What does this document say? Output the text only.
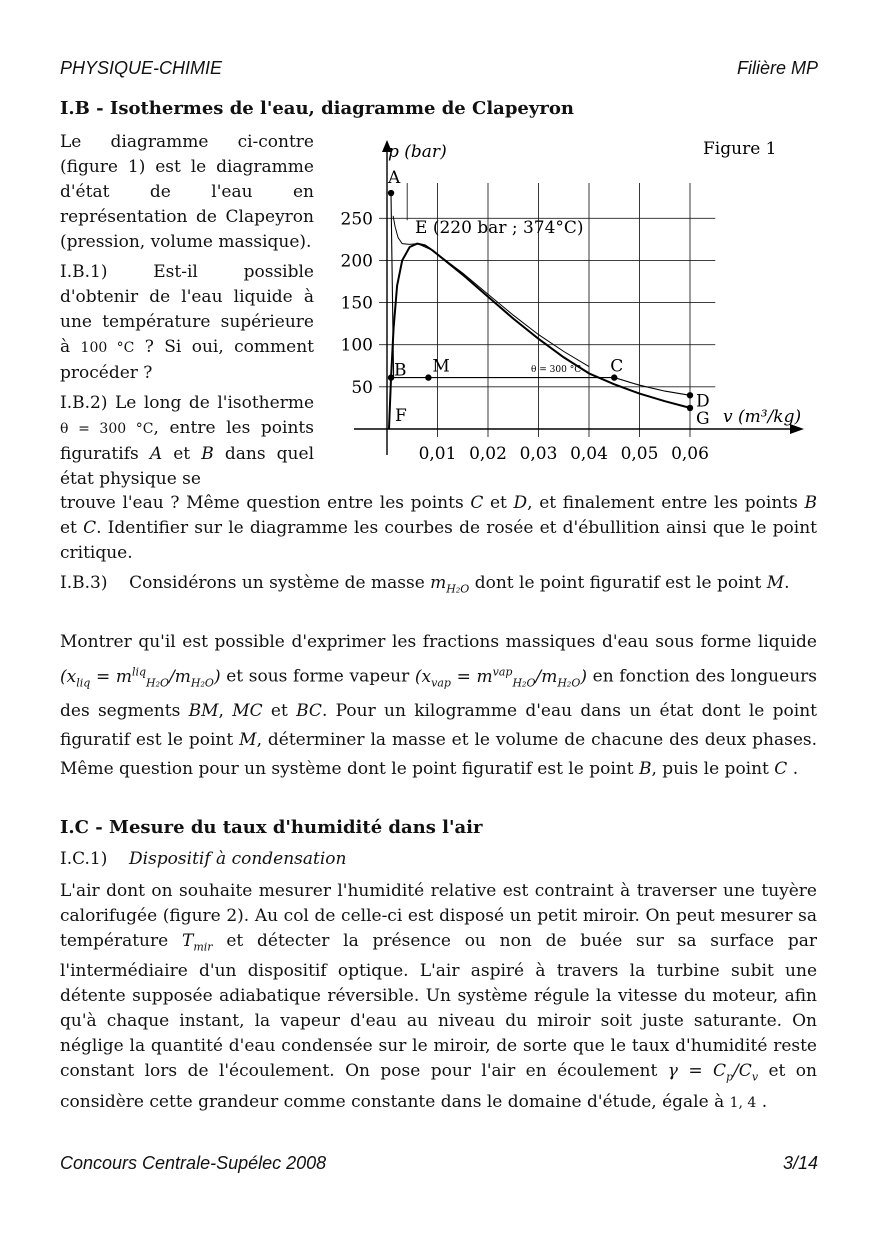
PHYSIQUE-CHIMIE	Filière MP
I.B - Isothermes de l'eau, diagramme de Clapeyron

Le diagramme ci-contre (figure 1) est le diagramme d'état de l'eau en représentation de Clapeyron (pression, volume massique).

I.B.1)	Est-il possible d'obtenir de l'eau liquide à une température supérieure à 100 °C ? Si oui, comment procéder ?
I.B.2) Le long de l'isotherme θ = 300 °C, entre les points figuratifs A et B dans quel état physique se
trouve l'eau ? Même question entre les points C et D, et finalement entre les points B et C. Identifier sur le diagramme les courbes de rosée et d'ébullition ainsi que le point critique.
I.B.3) Considérons un système de masse $m_{H_2O}$ dont le point figuratif est le point M.
Montrer qu'il est possible d'exprimer les fractions massiques d'eau sous forme liquide $(x_{liq} = m^{liq}_{H_2O}/m_{H_2O})$ et sous forme vapeur $(x_{vap} = m^{vap}_{H_2O}/m_{H_2O})$ en fonction des longueurs des segments BM, MC et BC. Pour un kilogramme d'eau dans un état dont le point figuratif est le point M, déterminer la masse et le volume de chacune des deux phases. Même question pour un système dont le point figuratif est le point B, puis le point C .
50
100
150
200
250
0,01 0,02 0,03 0,04 0,05 0,06
A
B M	C
D
G
F
Figure 1
p (bar)
v (m³/kg)
E (220 bar ; 374°C)
θ = 300 °C
I.C - Mesure du taux d'humidité dans l'air
I.C.1) Dispositif à condensation
L'air dont on souhaite mesurer l'humidité relative est contraint à traverser une tuyère calorifugée (figure 2). Au col de celle-ci est disposé un petit miroir. On peut mesurer sa température $T_{mir}$ et détecter la présence ou non de buée sur sa surface par l'intermédiaire d'un dispositif optique. L'air aspiré à travers la turbine subit une détente supposée adiabatique réversible. Un système régule la vitesse du moteur, afin qu'à chaque instant, la vapeur d'eau au niveau du miroir soit juste saturante. On néglige la quantité d'eau condensée sur le miroir, de sorte que le taux d'humidité reste constant lors de l'écoulement. On pose pour l'air en écoulement $\gamma = C_p/C_v$ et on considère cette grandeur comme constante dans le domaine d'étude, égale à 1, 4 .
Concours Centrale-Supélec 2008	3/14
